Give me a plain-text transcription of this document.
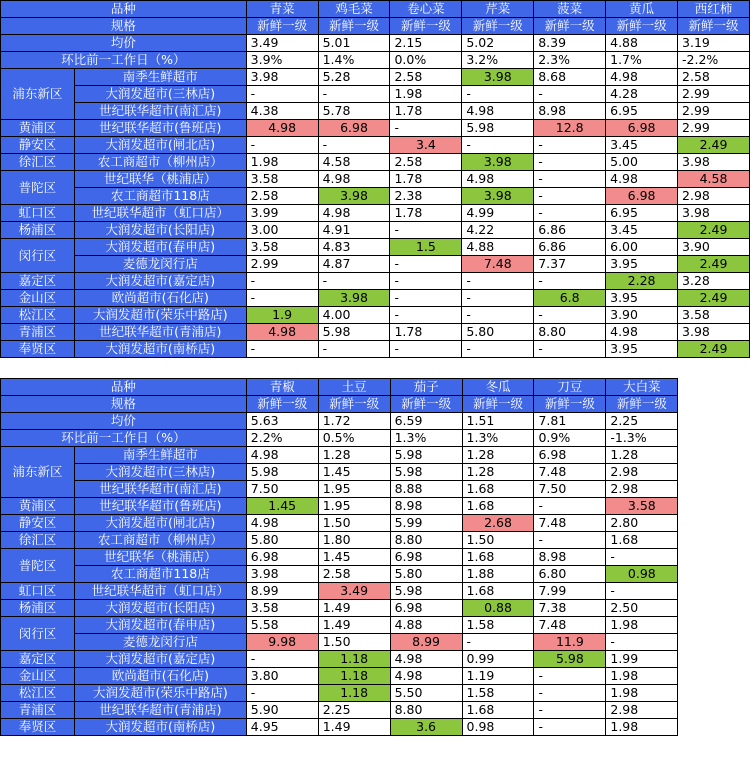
品种		青菜	鸡毛菜	卷心菜	芹菜	菠菜	黄瓜	西红柿
规格		新鲜一级	新鲜一级	新鲜一级	新鲜一级	新鲜一级	新鲜一级	新鲜一级
均价		3.49	5.01	2.15	5.02	8.39	4.88	3.19
环比前一工作日（%）		3.9%	1.4%	0.0%	3.2%	2.3%	1.7%	-2.2%
浦东新区	南季生鲜超市	3.98	5.28	2.58	3.98	8.68	4.98	2.58
	大润发超市(三林店)	-	-	1.98	-	-	4.28	2.99
	世纪联华超市(南汇店)	4.38	5.78	1.78	4.98	8.98	6.95	2.99
黄浦区	世纪联华超市(鲁班店)	4.98	6.98	-	5.98	12.8	6.98	2.99
静安区	大润发超市(闸北店)	-	-	3.4	-	-	3.45	2.49
徐汇区	农工商超市（柳州店）	1.98	4.58	2.58	3.98	-	5.00	3.98
普陀区	世纪联华（桃浦店）	3.58	4.98	1.78	4.98	-	4.98	4.58
	农工商超市118店	2.58	3.98	2.38	3.98	-	6.98	2.98
虹口区	世纪联华超市（虹口店）	3.99	4.98	1.78	4.99	-	6.95	3.98
杨浦区	大润发超市(长阳店)	3.00	4.91	-	4.22	6.86	3.45	2.49
闵行区	大润发超市(春申店)	3.58	4.83	1.5	4.88	6.86	6.00	3.90
	麦德龙闵行店	2.99	4.87	-	7.48	7.37	3.95	2.49
嘉定区	大润发超市(嘉定店)	-	-	-	-	-	2.28	3.28
金山区	欧尚超市(石化店)	-	3.98	-	-	6.8	3.95	2.49
松江区	大润发超市(荣乐中路店)	1.9	4.00	-	-	-	3.90	3.58
青浦区	世纪联华超市(青浦店)	4.98	5.98	1.78	5.80	8.80	4.98	3.98
奉贤区	大润发超市(南桥店)	-	-	-	-	-	3.95	2.49
品种		青椒	土豆	茄子	冬瓜	刀豆	大白菜	
规格		新鲜一级	新鲜一级	新鲜一级	新鲜一级	新鲜一级	新鲜一级	
均价		5.63	1.72	6.59	1.51	7.81	2.25	
环比前一工作日（%）		2.2%	0.5%	1.3%	1.3%	0.9%	-1.3%	
浦东新区	南季生鲜超市	4.98	1.28	5.98	1.28	6.98	1.28	
	大润发超市(三林店)	5.98	1.45	5.98	1.28	7.48	2.98	
	世纪联华超市(南汇店)	7.50	1.95	8.88	1.68	7.50	2.98	
黄浦区	世纪联华超市(鲁班店)	1.45	1.95	8.98	1.68	-	3.58	
静安区	大润发超市(闸北店)	4.98	1.50	5.99	2.68	7.48	2.80	
徐汇区	农工商超市（柳州店）	5.80	1.80	8.80	1.50	-	1.68	
普陀区	世纪联华（桃浦店）	6.98	1.45	6.98	1.68	8.98	-	
	农工商超市118店	3.98	2.58	5.80	1.88	6.80	0.98	
虹口区	世纪联华超市（虹口店）	8.99	3.49	5.98	1.68	7.99	-	
杨浦区	大润发超市(长阳店)	3.58	1.49	6.98	0.88	7.38	2.50	
闵行区	大润发超市(春申店)	5.58	1.49	4.88	1.58	7.48	1.98	
	麦德龙闵行店	9.98	1.50	8.99	-	11.9	-	
嘉定区	大润发超市(嘉定店)	-	1.18	4.98	0.99	5.98	1.99	
金山区	欧尚超市(石化店)	3.80	1.18	4.98	1.19	-	1.98	
松江区	大润发超市(荣乐中路店)	-	1.18	5.50	1.58	-	1.98	
青浦区	世纪联华超市(青浦店)	5.90	2.25	8.80	1.68	-	2.98	
奉贤区	大润发超市(南桥店)	4.95	1.49	3.6	0.98	-	1.98	
